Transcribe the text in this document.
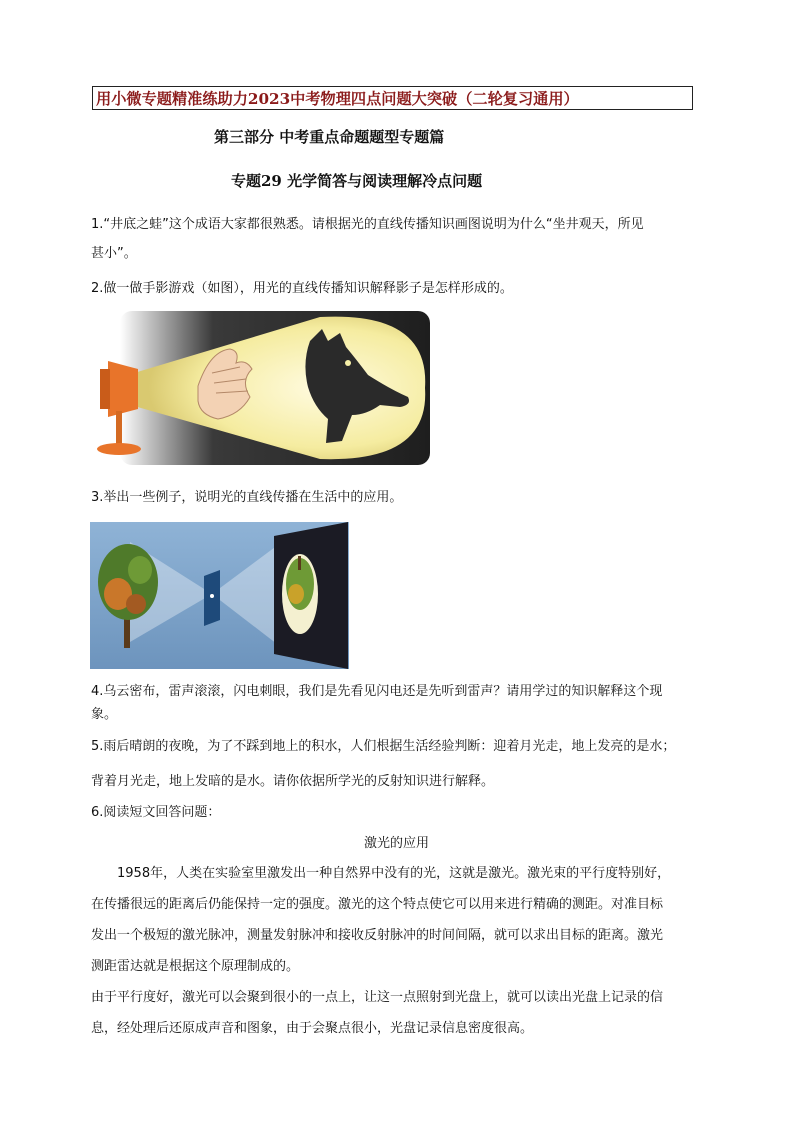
用小微专题精准练助力2023中考物理四点问题大突破（二轮复习通用）
第三部分 中考重点命题题型专题篇
专题29 光学简答与阅读理解冷点问题
1.“井底之蛙”这个成语大家都很熟悉。请根据光的直线传播知识画图说明为什么“坐井观天，所见
甚小”。
2.做一做手影游戏（如图），用光的直线传播知识解释影子是怎样形成的。
3.举出一些例子，说明光的直线传播在生活中的应用。
4.乌云密布，雷声滚滚，闪电刺眼，我们是先看见闪电还是先听到雷声？请用学过的知识解释这个现
象。
5.雨后晴朗的夜晚，为了不踩到地上的积水，人们根据生活经验判断：迎着月光走，地上发亮的是水；
背着月光走，地上发暗的是水。请你依据所学光的反射知识进行解释。
6.阅读短文回答问题：
激光的应用
1958年，人类在实验室里激发出一种自然界中没有的光，这就是激光。激光束的平行度特别好，
在传播很远的距离后仍能保持一定的强度。激光的这个特点使它可以用来进行精确的测距。对准目标
发出一个极短的激光脉冲，测量发射脉冲和接收反射脉冲的时间间隔，就可以求出目标的距离。激光
测距雷达就是根据这个原理制成的。
由于平行度好，激光可以会聚到很小的一点上，让这一点照射到光盘上，就可以读出光盘上记录的信
息，经处理后还原成声音和图象，由于会聚点很小，光盘记录信息密度很高。
